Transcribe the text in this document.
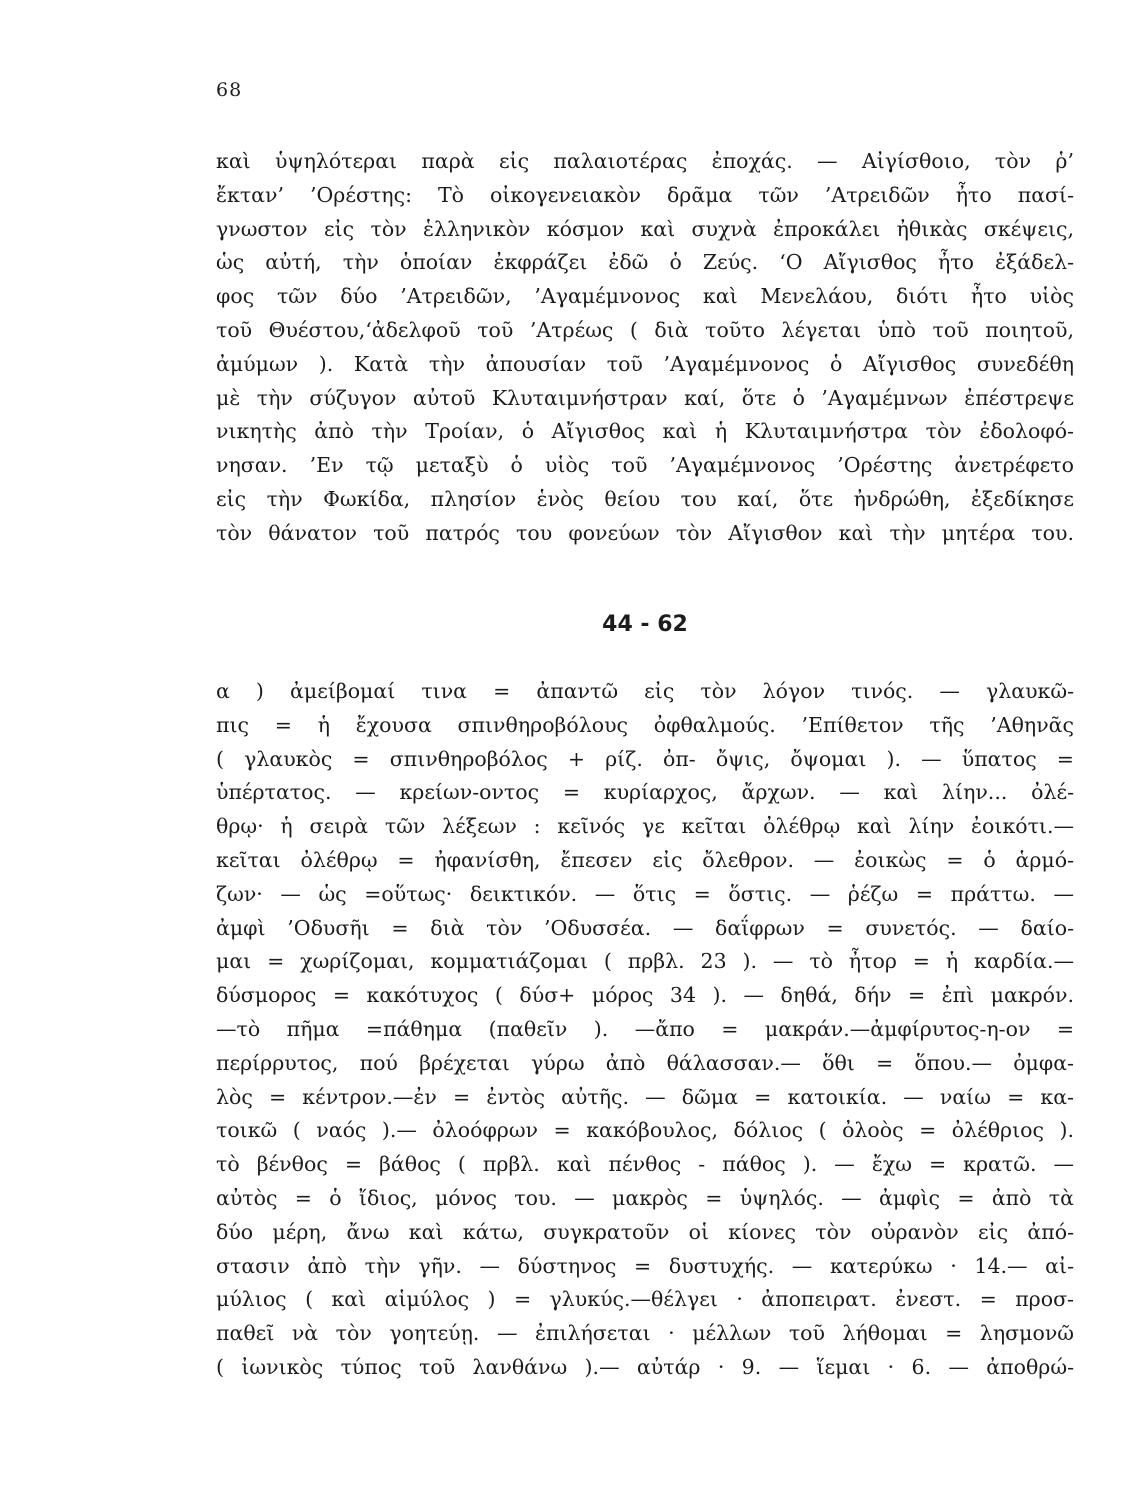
68
καὶ ὑψηλότεραι παρὰ εἰς παλαιοτέρας ἐποχάς. — Αἰγίσθοιο, τὸν ῥ’
ἔκταν’ ’Ορέστης: Τὸ οἰκογενειακὸν δρᾶμα τῶν ’Ατρειδῶν ἦτο πασί-
γνωστον εἰς τὸν ἑλληνικὸν κόσμον καὶ συχνὰ ἐπροκάλει ἠθικὰς σκέψεις,
ὡς αὐτή, τὴν ὁποίαν ἐκφράζει ἐδῶ ὁ Ζεύς. ‘Ο Αἴγισθος ἦτο ἐξάδελ-
φος τῶν δύο ’Ατρειδῶν, ’Αγαμέμνονος καὶ Μενελάου, διότι ἦτο υἱὸς
τοῦ Θυέστου,‘ἀδελφοῦ τοῦ ’Ατρέως ( διὰ τοῦτο λέγεται ὑπὸ τοῦ ποιητοῦ,
ἀμύμων ). Κατὰ τὴν ἀπουσίαν τοῦ ’Αγαμέμνονος ὁ Αἴγισθος συνεδέθη
μὲ τὴν σύζυγον αὐτοῦ Κλυταιμνήστραν καί, ὅτε ὁ ’Αγαμέμνων ἐπέστρεψε
νικητὴς ἀπὸ τὴν Τροίαν, ὁ Αἴγισθος καὶ ἡ Κλυταιμνήστρα τὸν ἐδολοφό-
νησαν. ’Εν τῷ μεταξὺ ὁ υἱὸς τοῦ ’Αγαμέμνονος ’Ορέστης ἀνετρέφετο
εἰς τὴν Φωκίδα, πλησίον ἑνὸς θείου του καί, ὅτε ἠνδρώθη, ἐξεδίκησε
τὸν θάνατον τοῦ πατρός του φονεύων τὸν Αἴγισθον καὶ τὴν μητέρα του.
44 - 62
α ) ἀμείβομαί τινα = ἀπαντῶ εἰς τὸν λόγον τινός. — γλαυκῶ-
πις = ἡ ἔχουσα σπινθηροβόλους ὀφθαλμούς. ’Επίθετον τῆς ’Αθηνᾶς
( γλαυκὸς = σπινθηροβόλος + ρίζ. ὀπ- ὄψις, ὄψομαι ). — ὕπατος =
ὑπέρτατος. — κρείων-οντος = κυρίαρχος, ἄρχων. — καὶ λίην... ὀλέ-
θρῳ· ἡ σειρὰ τῶν λέξεων : κεῖνός γε κεῖται ὀλέθρῳ καὶ λίην ἐοικότι.—
κεῖται ὀλέθρῳ = ἠφανίσθη, ἔπεσεν εἰς ὄλεθρον. — ἐοικὼς = ὁ ἁρμό-
ζων· — ὡς =οὕτως· δεικτικόν. — ὅτις = ὅστις. — ῥέζω = πράττω. —
ἀμφὶ ’Οδυσῆι = διὰ τὸν ’Οδυσσέα. — δαΐφρων = συνετός. — δαίο-
μαι = χωρίζομαι, κομματιάζομαι ( πρβλ. 23 ). — τὸ ἦτορ = ἡ καρδία.—
δύσμορος = κακότυχος ( δύσ+ μόρος 34 ). — δηθά, δήν = ἐπὶ μακρόν.
—τὸ πῆμα =πάθημα (παθεῖν ). —ἄπο = μακράν.—ἀμφίρυτος-η-ον =
περίρρυτος, πού βρέχεται γύρω ἀπὸ θάλασσαν.— ὅθι = ὅπου.— ὀμφα-
λὸς = κέντρον.—ἐν = ἐντὸς αὐτῆς. — δῶμα = κατοικία. — ναίω = κα-
τοικῶ ( ναός ).— ὀλοόφρων = κακόβουλος, δόλιος ( ὀλοὸς = ὀλέθριος ).
τὸ βένθος = βάθος ( πρβλ. καὶ πένθος - πάθος ). — ἔχω = κρατῶ. —
αὐτὸς = ὁ ἴδιος, μόνος του. — μακρὸς = ὑψηλός. — ἀμφὶς = ἀπὸ τὰ
δύο μέρη, ἄνω καὶ κάτω, συγκρατοῦν οἱ κίονες τὸν οὐρανὸν εἰς ἀπό-
στασιν ἀπὸ τὴν γῆν. — δύστηνος = δυστυχής. — κατερύκω · 14.— αἰ-
μύλιος ( καὶ αἱμύλος ) = γλυκύς.—θέλγει · ἀποπειρατ. ἐνεστ. = προσ-
παθεῖ νὰ τὸν γοητεύῃ. — ἐπιλήσεται · μέλλων τοῦ λήθομαι = λησμονῶ
( ἰωνικὸς τύπος τοῦ λανθάνω ).— αὐτάρ · 9. — ἵεμαι · 6. — ἀποθρώ-
